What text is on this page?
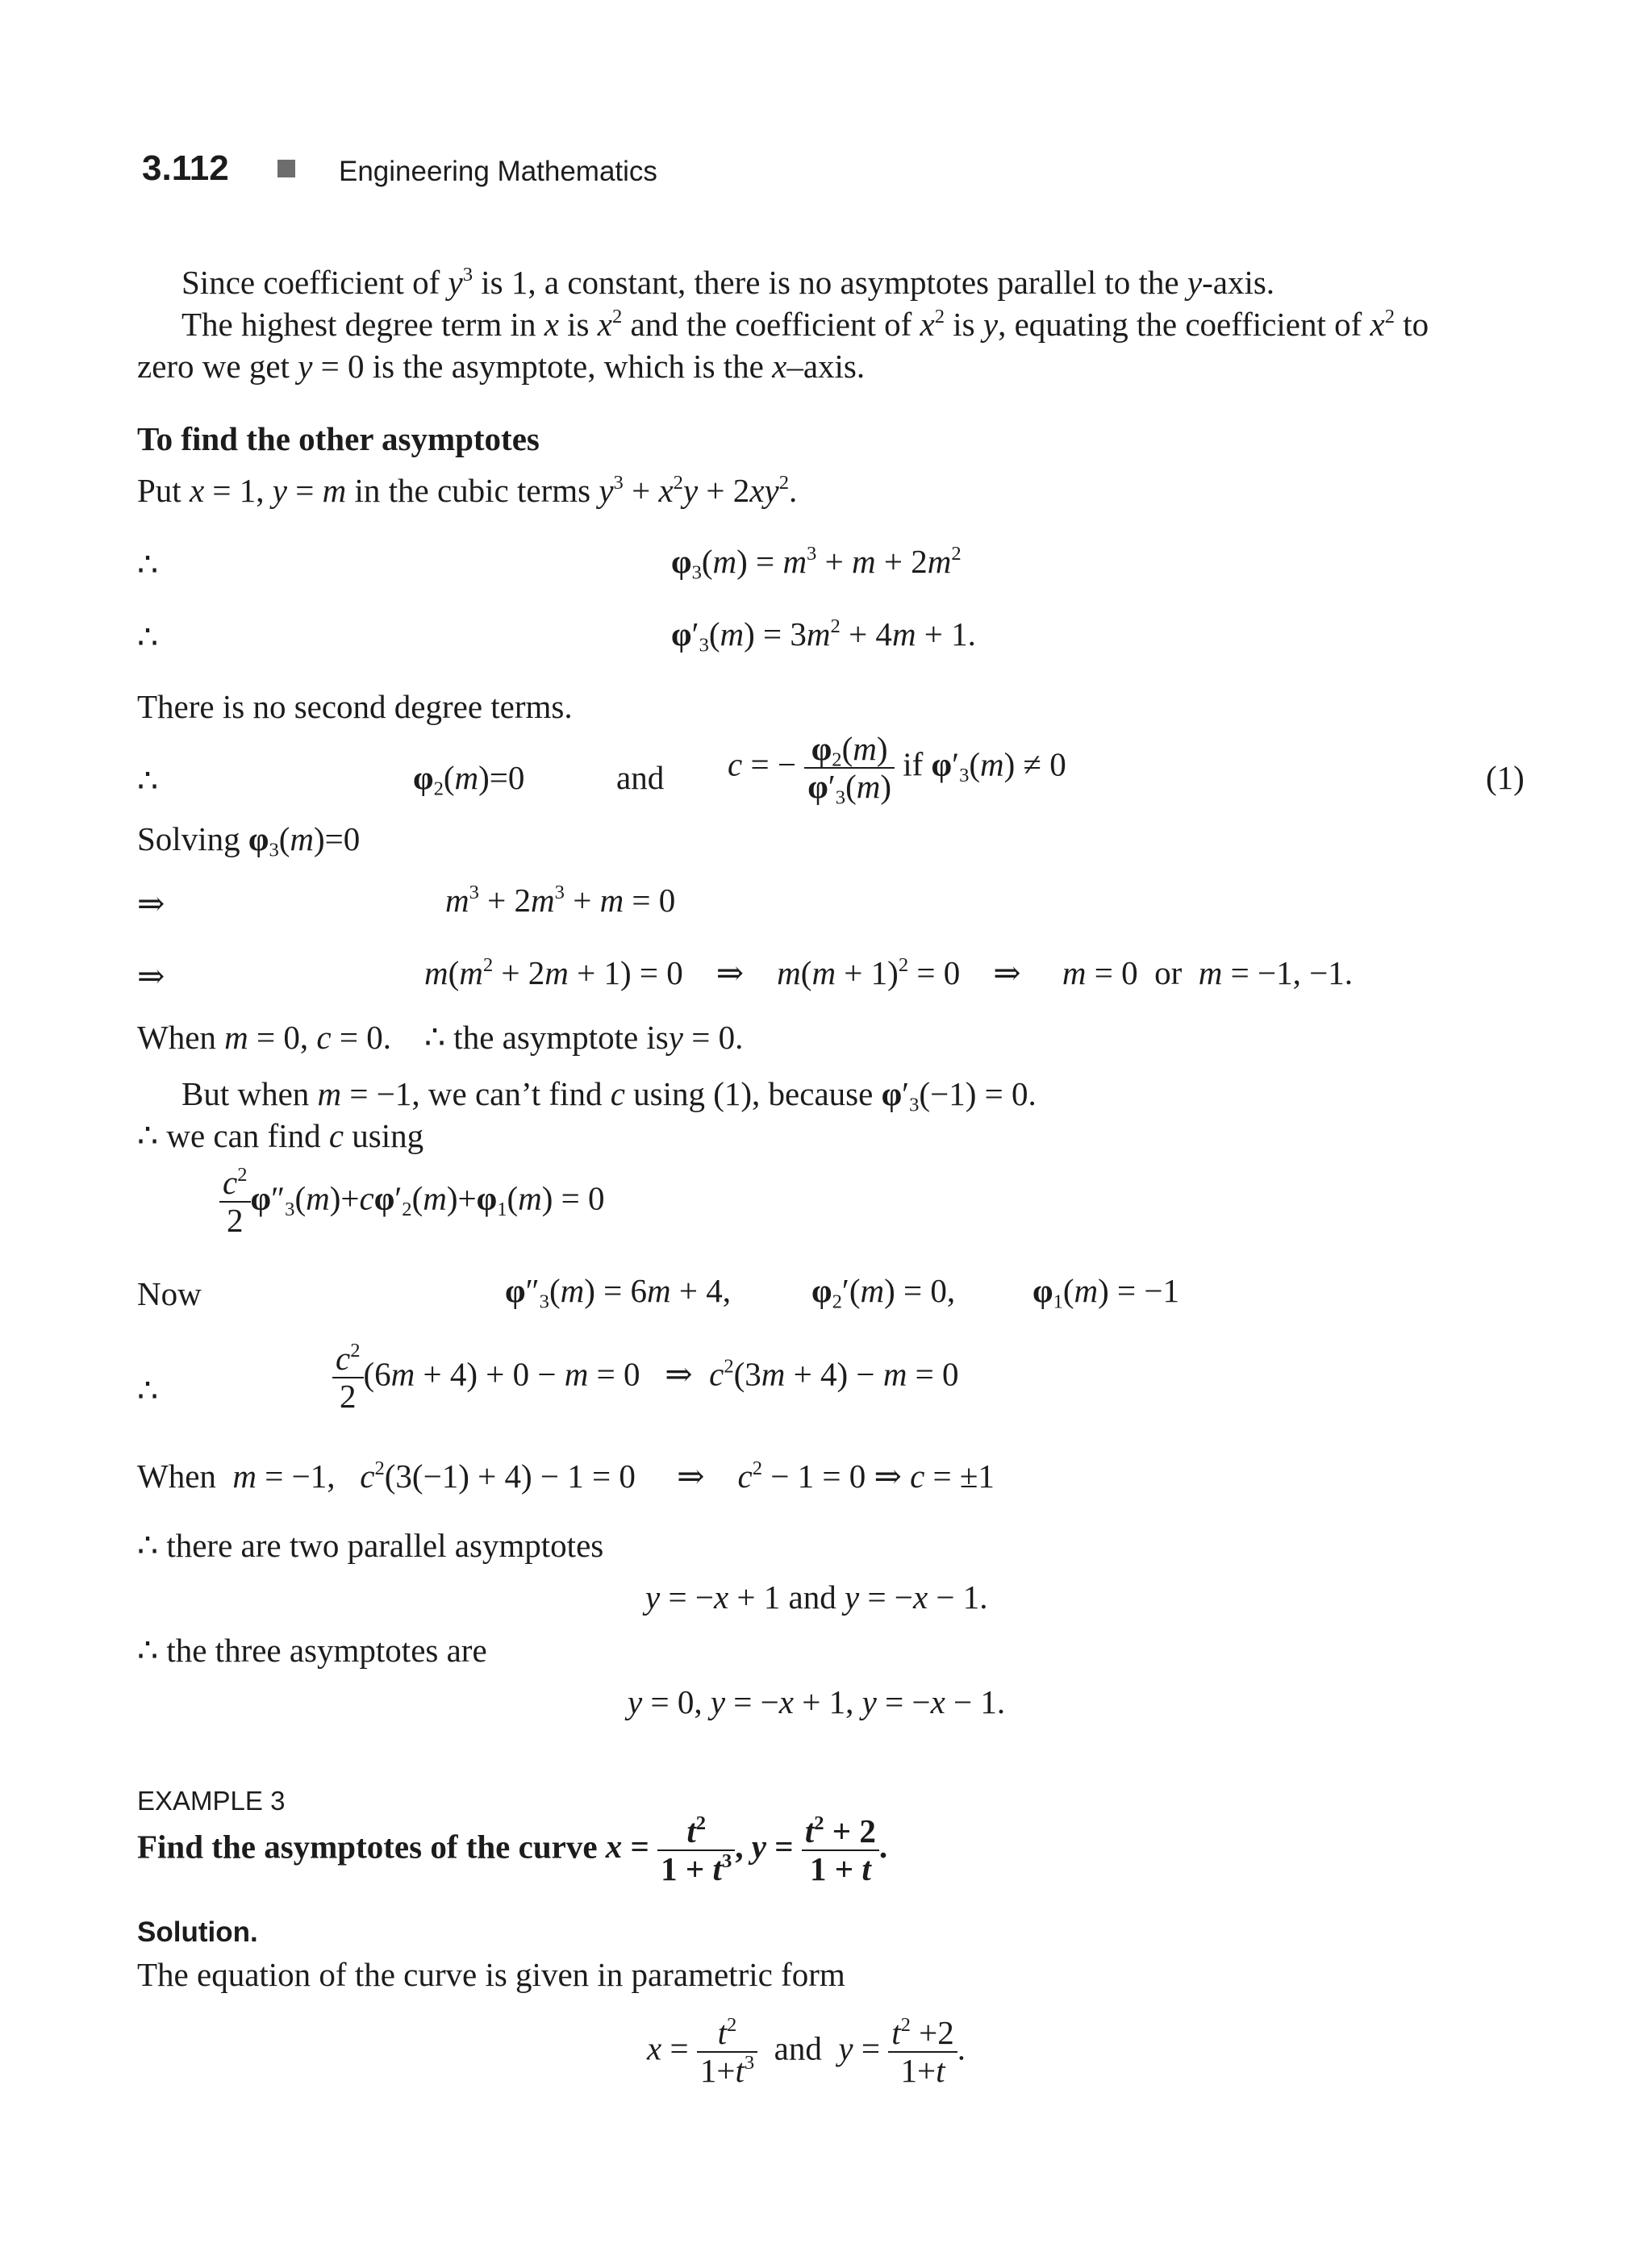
3.112	Engineering Mathematics
Since coefficient of $y^3$ is 1, a constant, there is no asymptotes parallel to the y-axis.
The highest degree term in x is $x^2$ and the coefficient of $x^2$ is y, equating the coefficient of $x^2$ to
zero we get y = 0 is the asymptote, which is the x–axis.
To find the other asymptotes
Put x = 1, y = m in the cubic terms $y^3 + x^2y + 2xy^2$.
∴	$\varphi_3(m) = m^3 + m + 2m^2$
∴	$\varphi'_3(m) = 3m^2 + 4m + 1$.
There is no second degree terms.
∴	$\varphi_2(m)=0$	and c = − $\frac{\varphi_2(m)}{\varphi'_3(m)}$ if $\varphi'_3(m) \ne 0$	(1)
Solving $\varphi_3(m)=0$
⇒	$m^3 + 2m^3 + m = 0$
⇒	$m(m^2 + 2m + 1) = 0$    ⇒    $m(m + 1)^2 = 0$    ⇒     m = 0  or  m = −1, −1.
When m = 0, c = 0.    ∴ the asymptote isy = 0.
But when m = −1, we can’t find c using (1), because $\varphi'_3(-1) = 0$.
∴ we can find c using
$\frac{c^2}{2} \varphi''_3(m)+c\varphi'_2(m)+\varphi_1(m) = 0$
Now	$\varphi''_3(m) = 6m + 4$, $\varphi_2'(m) = 0$, $\varphi_1(m) = -1$
∴	$\frac{c^2}{2} (6m + 4) + 0 - m = 0$   ⇒  $c^2(3m + 4) - m = 0$
When  m = −1,   $c^2(3(-1) + 4) - 1 = 0$     ⇒    $c^2 - 1 = 0$ ⇒ c = ±1
∴ there are two parallel asymptotes
y = −x + 1 and y = −x − 1.
∴ the three asymptotes are
y = 0, y = −x + 1, y = −x − 1.
EXAMPLE 3
Find the asymptotes of the curve $x = \frac{t^2}{1 + t^3}$ , $y = \frac{t^2 + 2}{1 + t}$ .
Solution.
The equation of the curve is given in parametric form
$x = \frac{t^2}{1+t^3}$ and  $y = \frac{t^2 +2}{1+t}$ .
